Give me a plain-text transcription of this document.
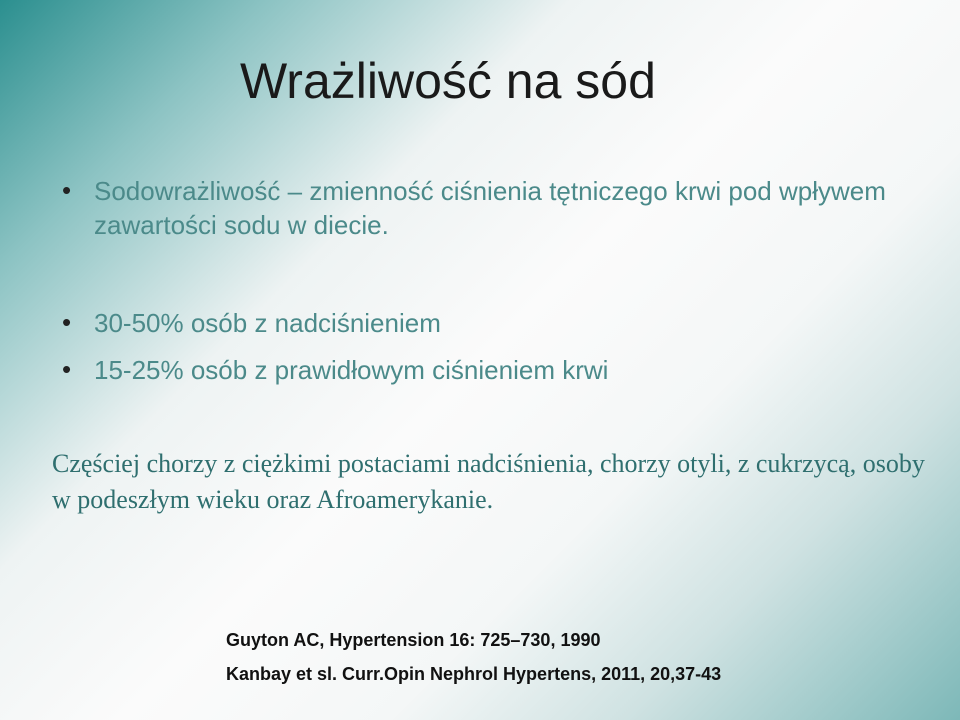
Wrażliwość na sód
• Sodowrażliwość – zmienność ciśnienia tętniczego krwi pod wpływem zawartości sodu w diecie.
• 30-50% osób z nadciśnieniem
• 15-25% osób z prawidłowym ciśnieniem krwi
Częściej chorzy z ciężkimi postaciami nadciśnienia, chorzy otyli, z cukrzycą, osoby w podeszłym wieku oraz Afroamerykanie.
Guyton AC, Hypertension 16: 725–730, 1990
Kanbay et sl. Curr.Opin Nephrol Hypertens, 2011, 20,37-43
